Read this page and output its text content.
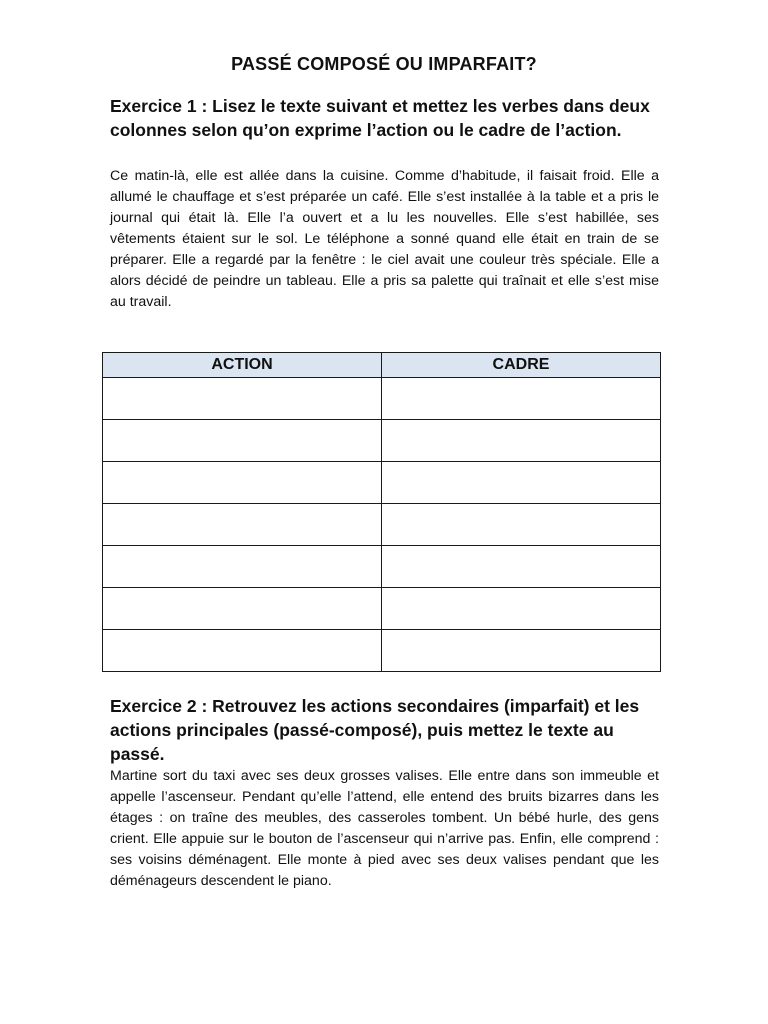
PASSÉ COMPOSÉ OU IMPARFAIT?
Exercice 1 : Lisez le texte suivant et mettez les verbes dans deux colonnes selon qu’on exprime l’action ou le cadre de l’action.
Ce matin-là, elle est allée dans la cuisine. Comme d’habitude, il faisait froid. Elle a allumé le chauffage et s’est préparée un café. Elle s’est installée à la table et a pris le journal qui était là. Elle l’a ouvert et a lu les nouvelles. Elle s’est habillée, ses vêtements étaient sur le sol. Le téléphone a sonné quand elle était en train de se préparer. Elle a regardé par la fenêtre : le ciel avait une couleur très spéciale. Elle a alors décidé de peindre un tableau. Elle a pris sa palette qui traînait et elle s’est mise au travail.
ACTION	CADRE

Exercice 2 : Retrouvez les actions secondaires (imparfait) et les actions principales (passé-composé), puis mettez le texte au passé.
Martine sort du taxi avec ses deux grosses valises. Elle entre dans son immeuble et appelle l’ascenseur. Pendant qu’elle l’attend, elle entend des bruits bizarres dans les étages : on traîne des meubles, des casseroles tombent. Un bébé hurle, des gens crient. Elle appuie sur le bouton de l’ascenseur qui n’arrive pas. Enfin, elle comprend : ses voisins déménagent. Elle monte à pied avec ses deux valises pendant que les déménageurs descendent le piano.
